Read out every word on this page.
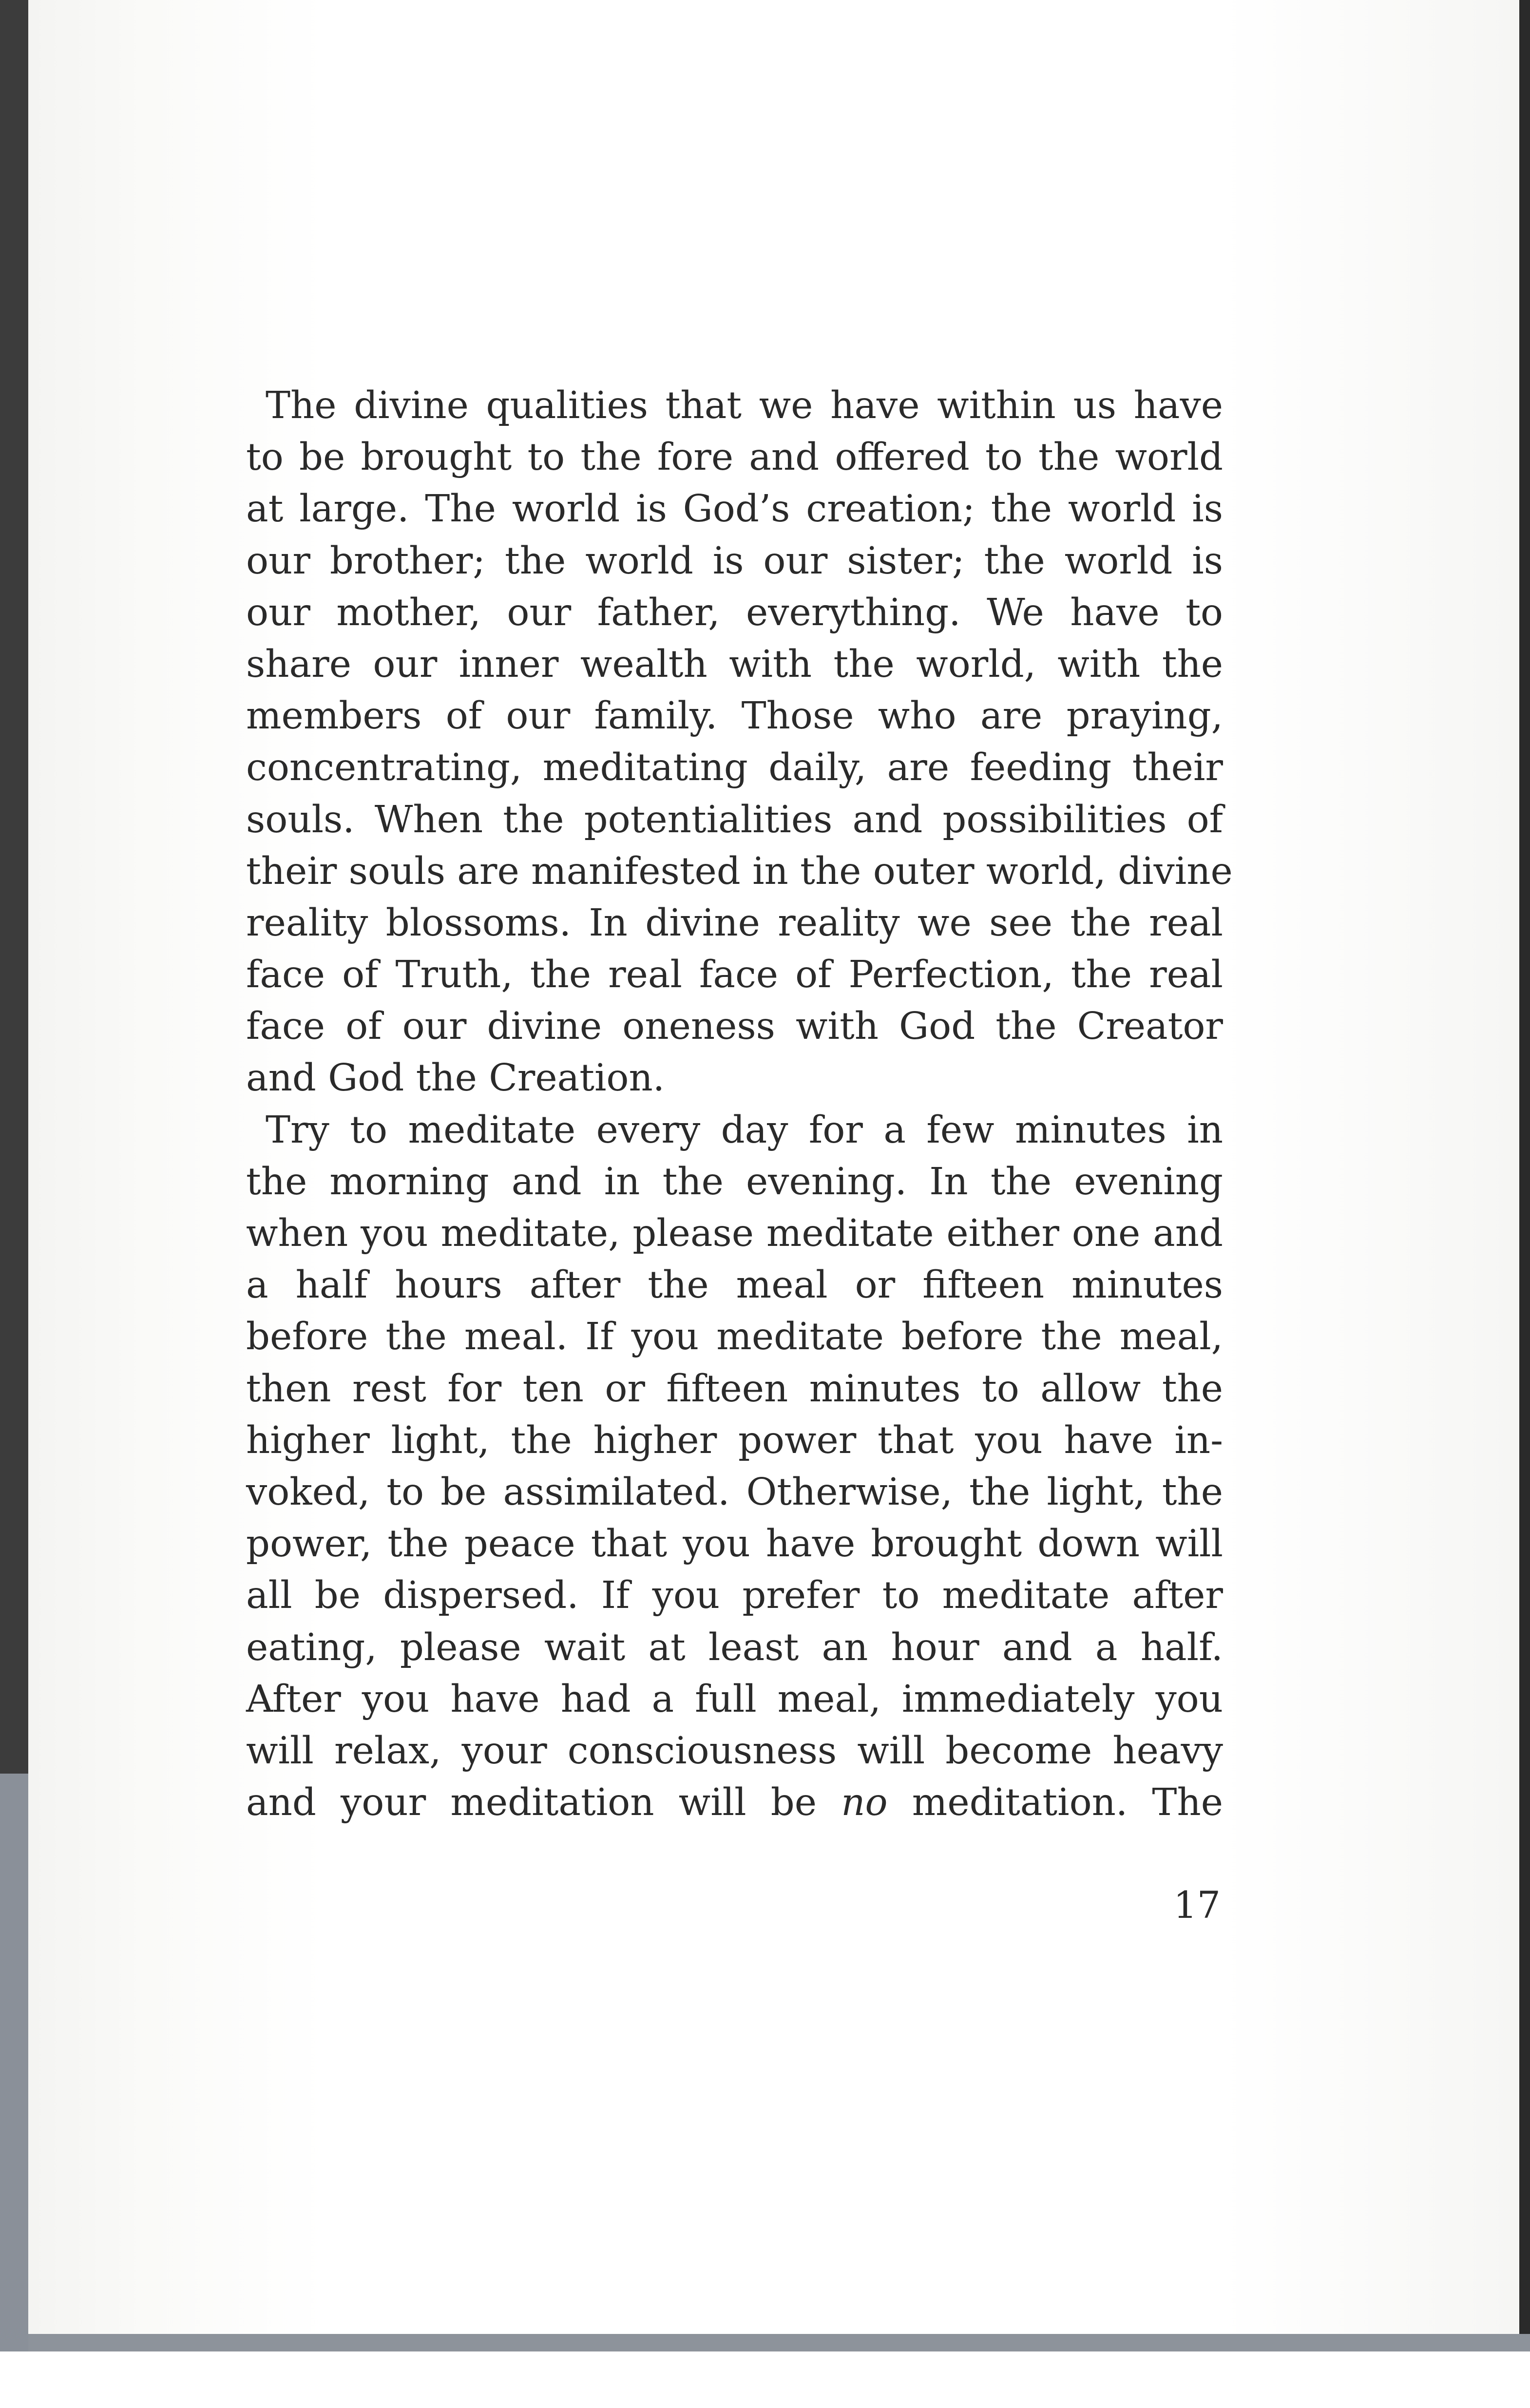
The divine qualities that we have within us have
to be brought to the fore and offered to the world
at large. The world is God’s creation; the world is
our brother; the world is our sister; the world is
our mother, our father, everything. We have to
share our inner wealth with the world, with the
members of our family. Those who are praying,
concentrating, meditating daily, are feeding their
souls. When the potentialities and possibilities of
their souls are manifested in the outer world, divine
reality blossoms. In divine reality we see the real
face of Truth, the real face of Perfection, the real
face of our divine oneness with God the Creator
and God the Creation.
Try to meditate every day for a few minutes in
the morning and in the evening. In the evening
when you meditate, please meditate either one and
a half hours after the meal or fifteen minutes
before the meal. If you meditate before the meal,
then rest for ten or fifteen minutes to allow the
higher light, the higher power that you have in-
voked, to be assimilated. Otherwise, the light, the
power, the peace that you have brought down will
all be dispersed. If you prefer to meditate after
eating, please wait at least an hour and a half.
After you have had a full meal, immediately you
will relax, your consciousness will become heavy
and your meditation will be no meditation. The
17
